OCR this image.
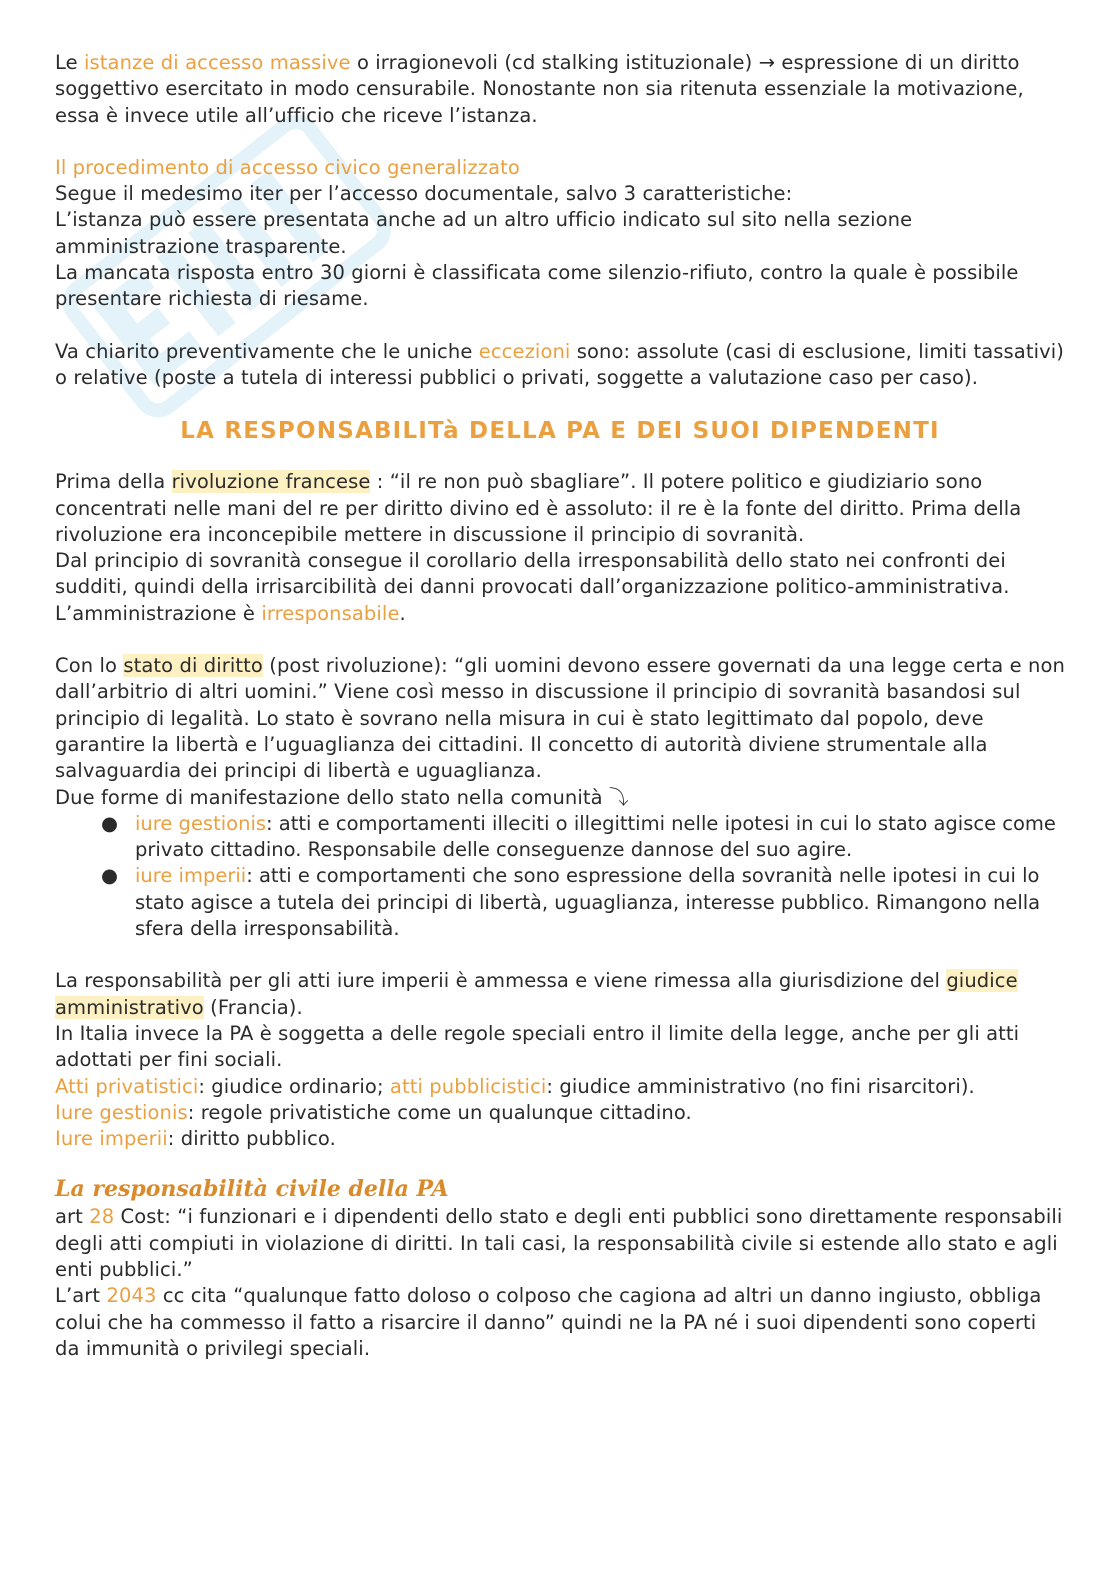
Le istanze di accesso massive o irragionevoli (cd stalking istituzionale) → espressione di un diritto soggettivo esercitato in modo censurabile. Nonostante non sia ritenuta essenziale la motivazione, essa è invece utile all’ufficio che riceve l’istanza.

Il procedimento di accesso civico generalizzato

Segue il medesimo iter per l’accesso documentale, salvo 3 caratteristiche:

L’istanza può essere presentata anche ad un altro ufficio indicato sul sito nella sezione amministrazione trasparente.

La mancata risposta entro 30 giorni è classificata come silenzio-rifiuto, contro la quale è possibile presentare richiesta di riesame.

Va chiarito preventivamente che le uniche eccezioni sono: assolute (casi di esclusione, limiti tassativi) o relative (poste a tutela di interessi pubblici o privati, soggette a valutazione caso per caso).

LA RESPONSABILITà DELLA PA E DEI SUOI DIPENDENTI

Prima della rivoluzione francese : “il re non può sbagliare”. Il potere politico e giudiziario sono concentrati nelle mani del re per diritto divino ed è assoluto: il re è la fonte del diritto. Prima della rivoluzione era inconcepibile mettere in discussione il principio di sovranità.

Dal principio di sovranità consegue il corollario della irresponsabilità dello stato nei confronti dei sudditi, quindi della irrisarcibilità dei danni provocati dall’organizzazione politico-amministrativa. L’amministrazione è irresponsabile.

Con lo stato di diritto (post rivoluzione): “gli uomini devono essere governati da una legge certa e non dall’arbitrio di altri uomini.” Viene così messo in discussione il principio di sovranità basandosi sul principio di legalità. Lo stato è sovrano nella misura in cui è stato legittimato dal popolo, deve garantire la libertà e l’uguaglianza dei cittadini. Il concetto di autorità diviene strumentale alla salvaguardia dei principi di libertà e uguaglianza.

Due forme di manifestazione dello stato nella comunità ⤵

● iure gestionis: atti e comportamenti illeciti o illegittimi nelle ipotesi in cui lo stato agisce come privato cittadino. Responsabile delle conseguenze dannose del suo agire.
● iure imperii: atti e comportamenti che sono espressione della sovranità nelle ipotesi in cui lo stato agisce a tutela dei principi di libertà, uguaglianza, interesse pubblico. Rimangono nella sfera della irresponsabilità.

La responsabilità per gli atti iure imperii è ammessa e viene rimessa alla giurisdizione del giudice amministrativo (Francia).

In Italia invece la PA è soggetta a delle regole speciali entro il limite della legge, anche per gli atti adottati per fini sociali.

Atti privatistici: giudice ordinario; atti pubblicistici: giudice amministrativo (no fini risarcitori).

Iure gestionis: regole privatistiche come un qualunque cittadino.

Iure imperii: diritto pubblico.

La responsabilità civile della PA

art 28 Cost: “i funzionari e i dipendenti dello stato e degli enti pubblici sono direttamente responsabili degli atti compiuti in violazione di diritti. In tali casi, la responsabilità civile si estende allo stato e agli enti pubblici.”

L’art 2043 cc cita “qualunque fatto doloso o colposo che cagiona ad altri un danno ingiusto, obbliga colui che ha commesso il fatto a risarcire il danno” quindi ne la PA né i suoi dipendenti sono coperti da immunità o privilegi speciali.
